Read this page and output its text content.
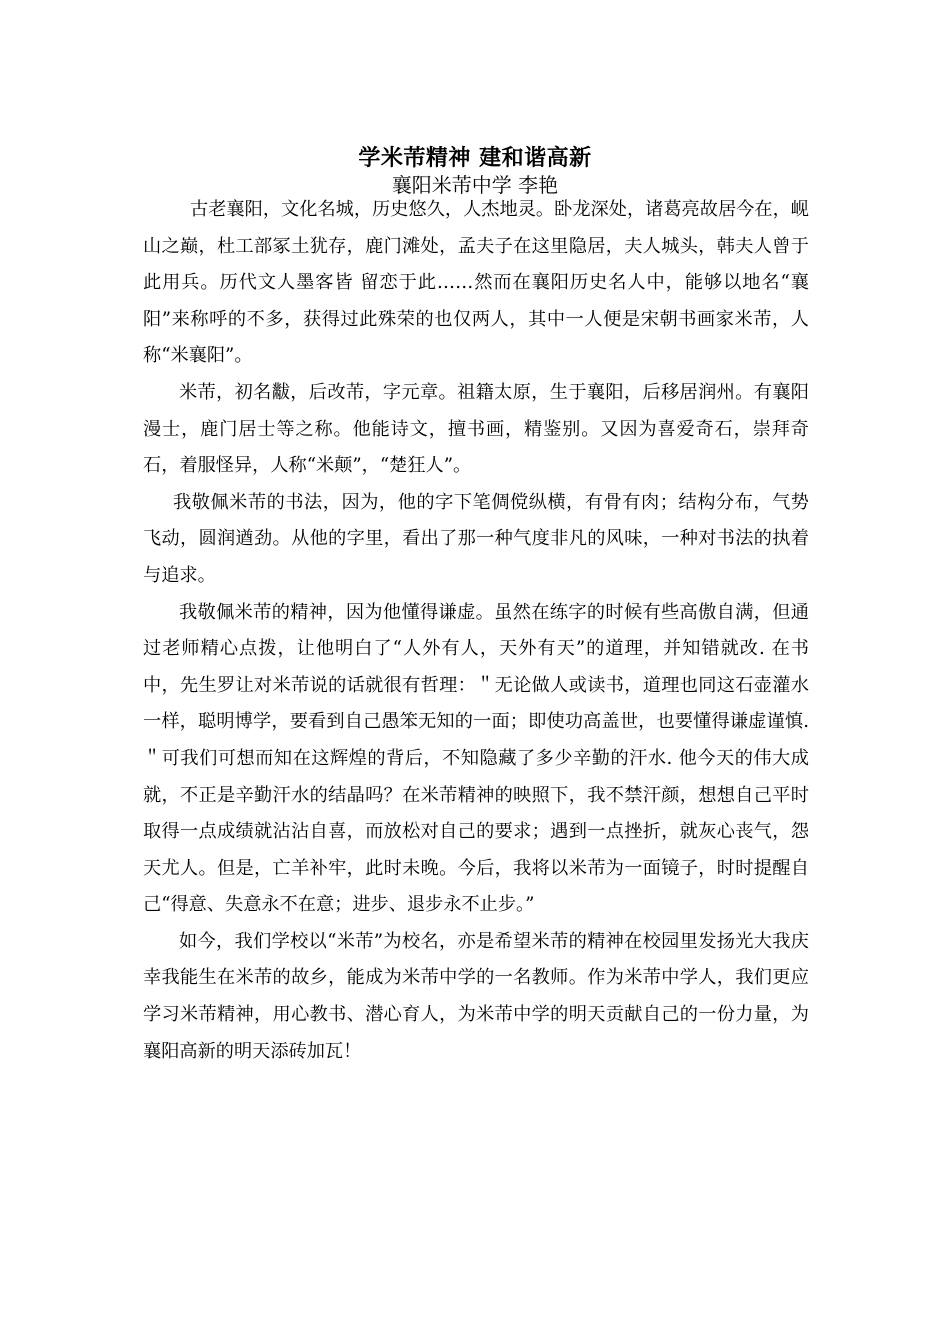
学米芾精神 建和谐高新
襄阳米芾中学 李艳

古老襄阳，文化名城，历史悠久，人杰地灵。卧龙深处，诸葛亮故居今在，岘山之巅，杜工部冢土犹存，鹿门滩处，孟夫子在这里隐居，夫人城头，韩夫人曾于此用兵。历代文人墨客皆 留恋于此……然而在襄阳历史名人中，能够以地名“襄阳”来称呼的不多，获得过此殊荣的也仅两人，其中一人便是宋朝书画家米芾，人称“米襄阳”。

米芾，初名黻，后改芾，字元章。祖籍太原，生于襄阳，后移居润州。有襄阳漫士，鹿门居士等之称。他能诗文，擅书画，精鉴别。又因为喜爱奇石，崇拜奇石，着服怪异，人称“米颠”，“楚狂人”。

我敬佩米芾的书法，因为，他的字下笔倜傥纵横，有骨有肉；结构分布，气势飞动，圆润遒劲。从他的字里，看出了那一种气度非凡的风味，一种对书法的执着与追求。

我敬佩米芾的精神，因为他懂得谦虚。虽然在练字的时候有些高傲自满，但通过老师精心点拨，让他明白了“人外有人，天外有天”的道理，并知错就改. 在书中，先生罗让对米芾说的话就很有哲理：＂无论做人或读书，道理也同这石壶灌水一样，聪明博学，要看到自己愚笨无知的一面；即使功高盖世，也要懂得谦虚谨慎. ＂可我们可想而知在这辉煌的背后，不知隐藏了多少辛勤的汗水. 他今天的伟大成就，不正是辛勤汗水的结晶吗？在米芾精神的映照下，我不禁汗颜，想想自己平时取得一点成绩就沾沾自喜，而放松对自己的要求；遇到一点挫折，就灰心丧气，怨天尤人。但是，亡羊补牢，此时未晚。今后，我将以米芾为一面镜子，时时提醒自己“得意、失意永不在意；进步、退步永不止步。”

如今，我们学校以“米芾”为校名，亦是希望米芾的精神在校园里发扬光大我庆幸我能生在米芾的故乡，能成为米芾中学的一名教师。作为米芾中学人，我们更应学习米芾精神，用心教书、潜心育人，为米芾中学的明天贡献自己的一份力量，为襄阳高新的明天添砖加瓦！
